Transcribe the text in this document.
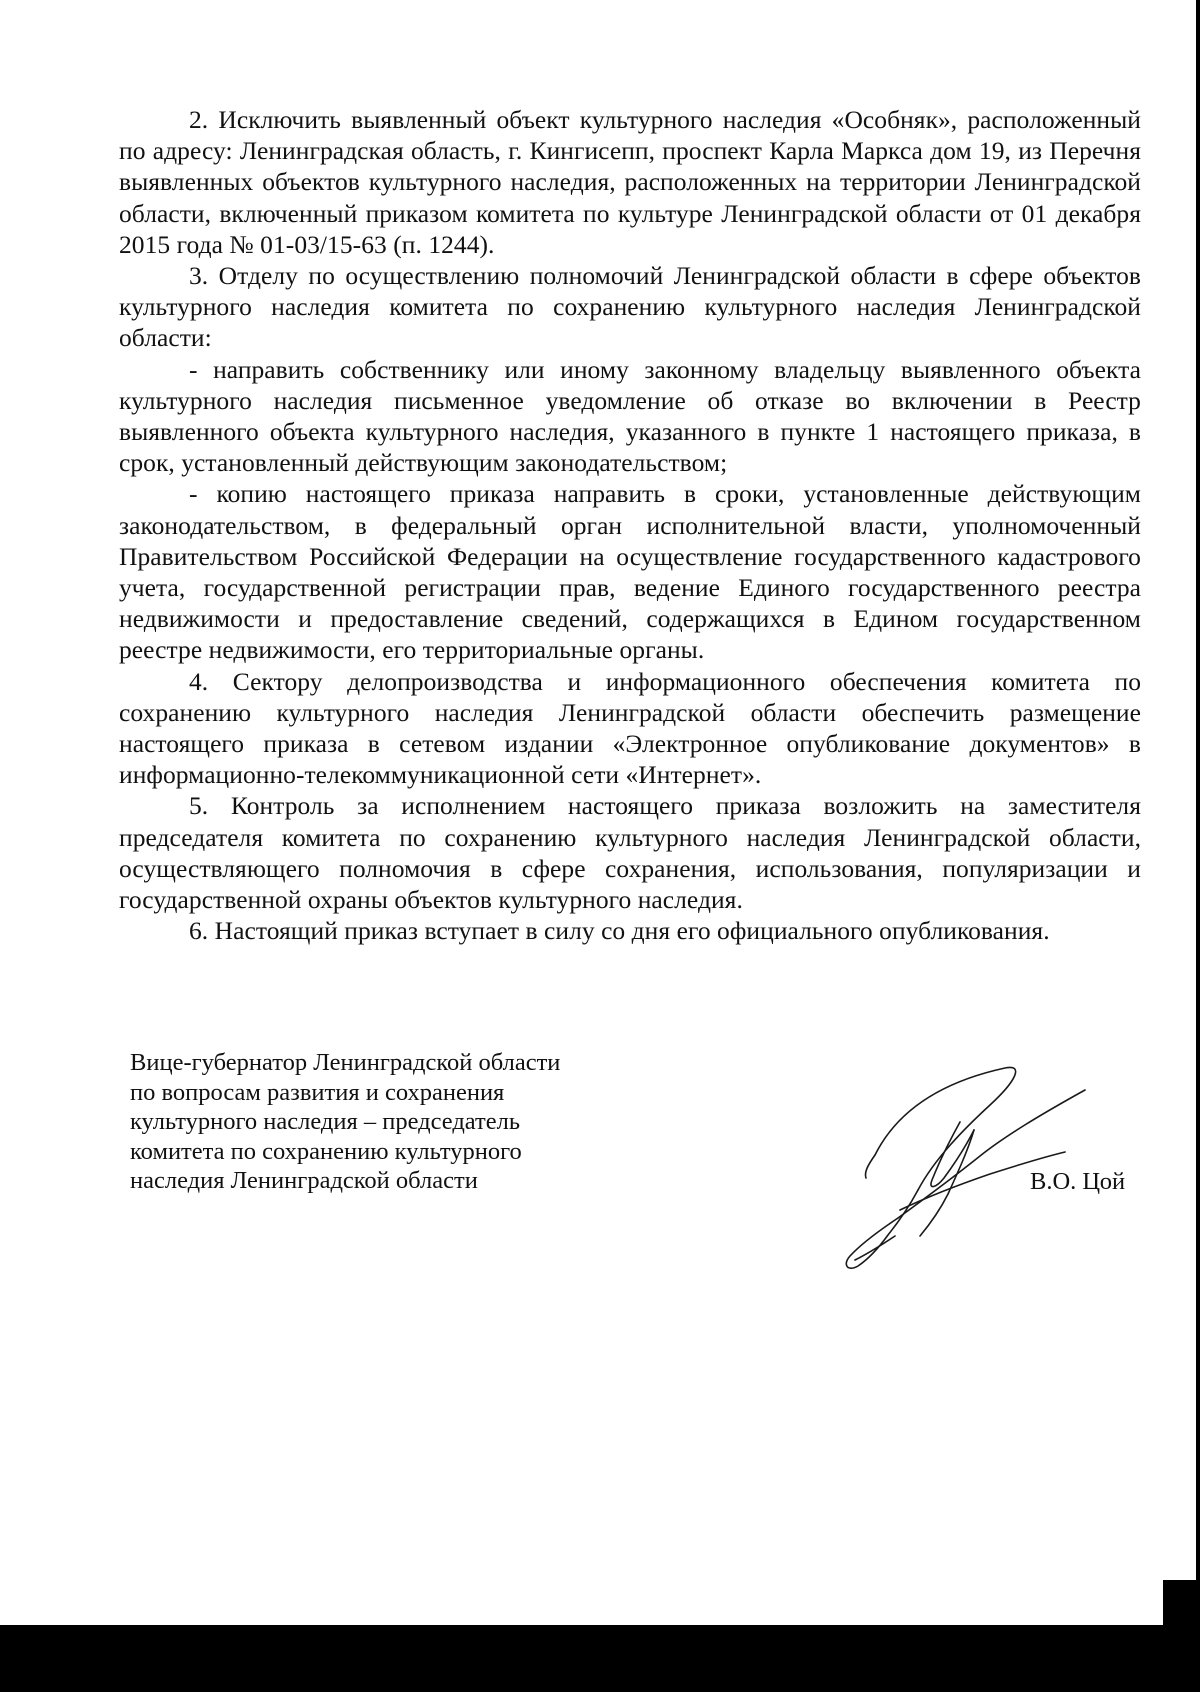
2. Исключить выявленный объект культурного наследия «Особняк», расположенный по адресу: Ленинградская область, г. Кингисепп, проспект Карла Маркса дом 19, из Перечня выявленных объектов культурного наследия, расположенных на территории Ленинградской области, включенный приказом комитета по культуре Ленинградской области от 01 декабря 2015 года № 01-03/15-63 (п. 1244).

3. Отделу по осуществлению полномочий Ленинградской области в сфере объектов культурного наследия комитета по сохранению культурного наследия Ленинградской области:

- направить собственнику или иному законному владельцу выявленного объекта культурного наследия письменное уведомление об отказе во включении в Реестр выявленного объекта культурного наследия, указанного в пункте 1 настоящего приказа, в срок, установленный действующим законодательством;

- копию настоящего приказа направить в сроки, установленные действующим законодательством, в федеральный орган исполнительной власти, уполномоченный Правительством Российской Федерации на осуществление государственного кадастрового учета, государственной регистрации прав, ведение Единого государственного реестра недвижимости и предоставление сведений, содержащихся в Едином государственном реестре недвижимости, его территориальные органы.

4. Сектору делопроизводства и информационного обеспечения комитета по сохранению культурного наследия Ленинградской области обеспечить размещение настоящего приказа в сетевом издании «Электронное опубликование документов» в информационно-телекоммуникационной сети «Интернет».

5. Контроль за исполнением настоящего приказа возложить на заместителя председателя комитета по сохранению культурного наследия Ленинградской области, осуществляющего полномочия в сфере сохранения, использования, популяризации и государственной охраны объектов культурного наследия.

6. Настоящий приказ вступает в силу со дня его официального опубликования.

Вице-губернатор Ленинградской области
по вопросам развития и сохранения
культурного наследия – председатель
комитета по сохранению культурного
наследия Ленинградской области	В.О. Цой
